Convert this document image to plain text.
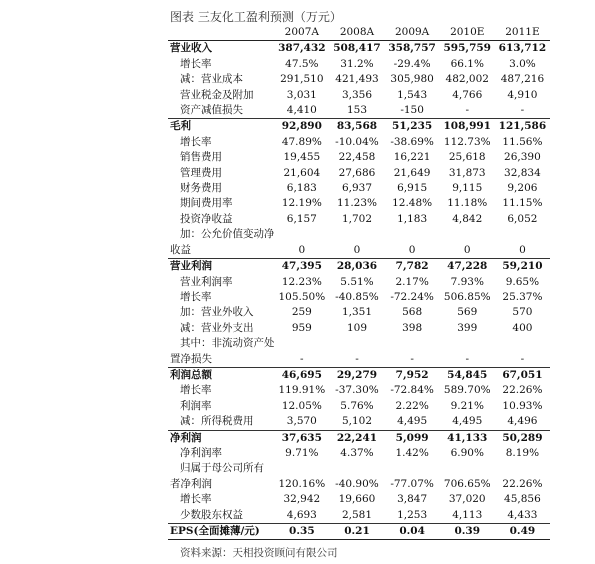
图表 三友化工盈利预测（万元）
	2007A	2008A	2009A	2010E	2011E
营业收入	387,432	508,417	358,757	595,759	613,712
增长率	47.5%	31.2%	-29.4%	66.1%	3.0%
减：营业成本	291,510	421,493	305,980	482,002	487,216
营业税金及附加	3,031	3,356	1,543	4,766	4,910
资产减值损失	4,410	153	-150	-	-
毛利	92,890	83,568	51,235	108,991	121,586
增长率	47.89%	-10.04%	-38.69%	112.73%	11.56%
销售费用	19,455	22,458	16,221	25,618	26,390
管理费用	21,604	27,686	21,649	31,873	32,834
财务费用	6,183	6,937	6,915	9,115	9,206
期间费用率	12.19%	11.23%	12.48%	11.18%	11.15%
投资净收益	6,157	1,702	1,183	4,842	6,052
加：公允价值变动净					
收益	0	0	0	0	0
营业利润	47,395	28,036	7,782	47,228	59,210
营业利润率	12.23%	5.51%	2.17%	7.93%	9.65%
增长率	105.50%	-40.85%	-72.24%	506.85%	25.37%
加：营业外收入	259	1,351	568	569	570
减：营业外支出	959	109	398	399	400
其中：非流动资产处					
置净损失	-	-	-	-	-
利润总额	46,695	29,279	7,952	54,845	67,051
增长率	119.91%	-37.30%	-72.84%	589.70%	22.26%
利润率	12.05%	5.76%	2.22%	9.21%	10.93%
减：所得税费用	3,570	5,102	4,495	4,495	4,496
净利润	37,635	22,241	5,099	41,133	50,289
净利润率	9.71%	4.37%	1.42%	6.90%	8.19%
归属于母公司所有					
者净利润	120.16%	-40.90%	-77.07%	706.65%	22.26%
增长率	32,942	19,660	3,847	37,020	45,856
少数股东权益	4,693	2,581	1,253	4,113	4,433
EPS(全面摊薄/元)	0.35	0.21	0.04	0.39	0.49
资料来源：天相投资顾问有限公司
